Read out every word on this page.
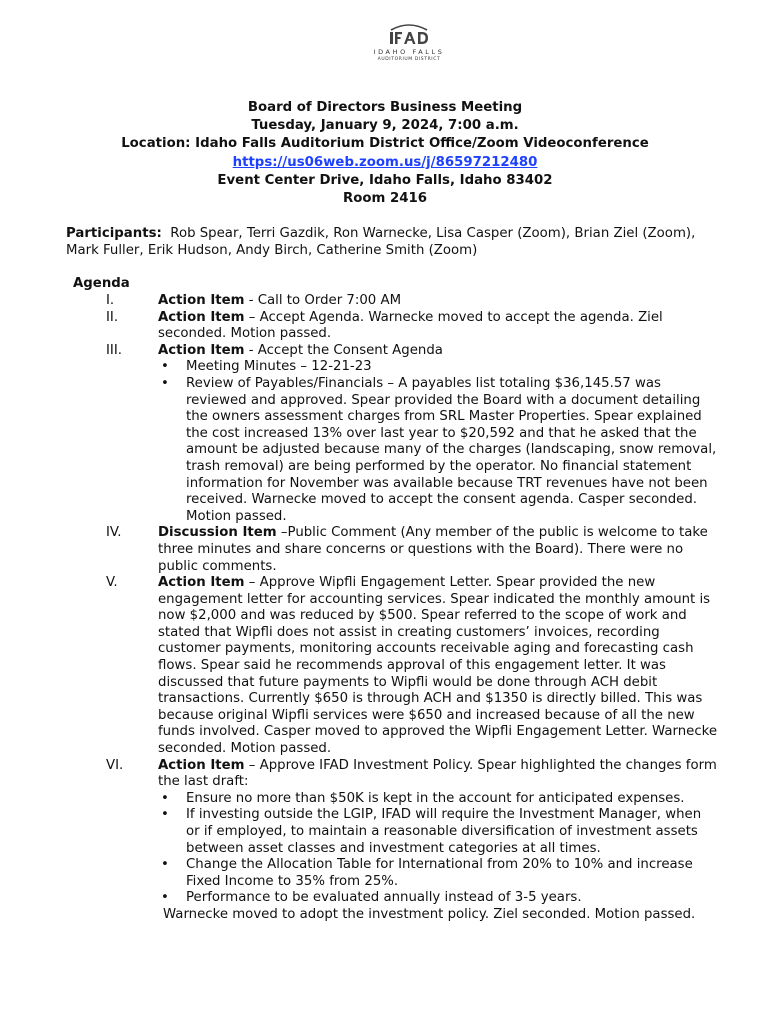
IDAHO FALLS
AUDITORIUM DISTRICT
Board of Directors Business Meeting
Tuesday, January 9, 2024, 7:00 a.m.
Location: Idaho Falls Auditorium District Office/Zoom Videoconference
https://us06web.zoom.us/j/86597212480
Event Center Drive, Idaho Falls, Idaho 83402
Room 2416
Participants: Rob Spear, Terri Gazdik, Ron Warnecke, Lisa Casper (Zoom), Brian Ziel (Zoom), Mark Fuller, Erik Hudson, Andy Birch, Catherine Smith (Zoom)
Agenda
I.	Action Item - Call to Order 7:00 AM
II.	Action Item – Accept Agenda. Warnecke moved to accept the agenda. Ziel seconded. Motion passed.
III.	Action Item - Accept the Consent Agenda
• Meeting Minutes – 12-21-23
• Review of Payables/Financials – A payables list totaling $36,145.57 was reviewed and approved. Spear provided the Board with a document detailing the owners assessment charges from SRL Master Properties. Spear explained the cost increased 13% over last year to $20,592 and that he asked that the amount be adjusted because many of the charges (landscaping, snow removal, trash removal) are being performed by the operator. No financial statement information for November was available because TRT revenues have not been received. Warnecke moved to accept the consent agenda. Casper seconded. Motion passed.
IV.	Discussion Item –Public Comment (Any member of the public is welcome to take three minutes and share concerns or questions with the Board). There were no public comments.
V.	Action Item – Approve Wipfli Engagement Letter. Spear provided the new engagement letter for accounting services. Spear indicated the monthly amount is now $2,000 and was reduced by $500. Spear referred to the scope of work and stated that Wipfli does not assist in creating customers’ invoices, recording customer payments, monitoring accounts receivable aging and forecasting cash flows. Spear said he recommends approval of this engagement letter. It was discussed that future payments to Wipfli would be done through ACH debit transactions. Currently $650 is through ACH and $1350 is directly billed. This was because original Wipfli services were $650 and increased because of all the new funds involved. Casper moved to approved the Wipfli Engagement Letter. Warnecke seconded. Motion passed.
VI.	Action Item – Approve IFAD Investment Policy. Spear highlighted the changes form the last draft:
• Ensure no more than $50K is kept in the account for anticipated expenses.
• If investing outside the LGIP, IFAD will require the Investment Manager, when or if employed, to maintain a reasonable diversification of investment assets between asset classes and investment categories at all times.
• Change the Allocation Table for International from 20% to 10% and increase Fixed Income to 35% from 25%.
• Performance to be evaluated annually instead of 3-5 years.
Warnecke moved to adopt the investment policy. Ziel seconded. Motion passed.
